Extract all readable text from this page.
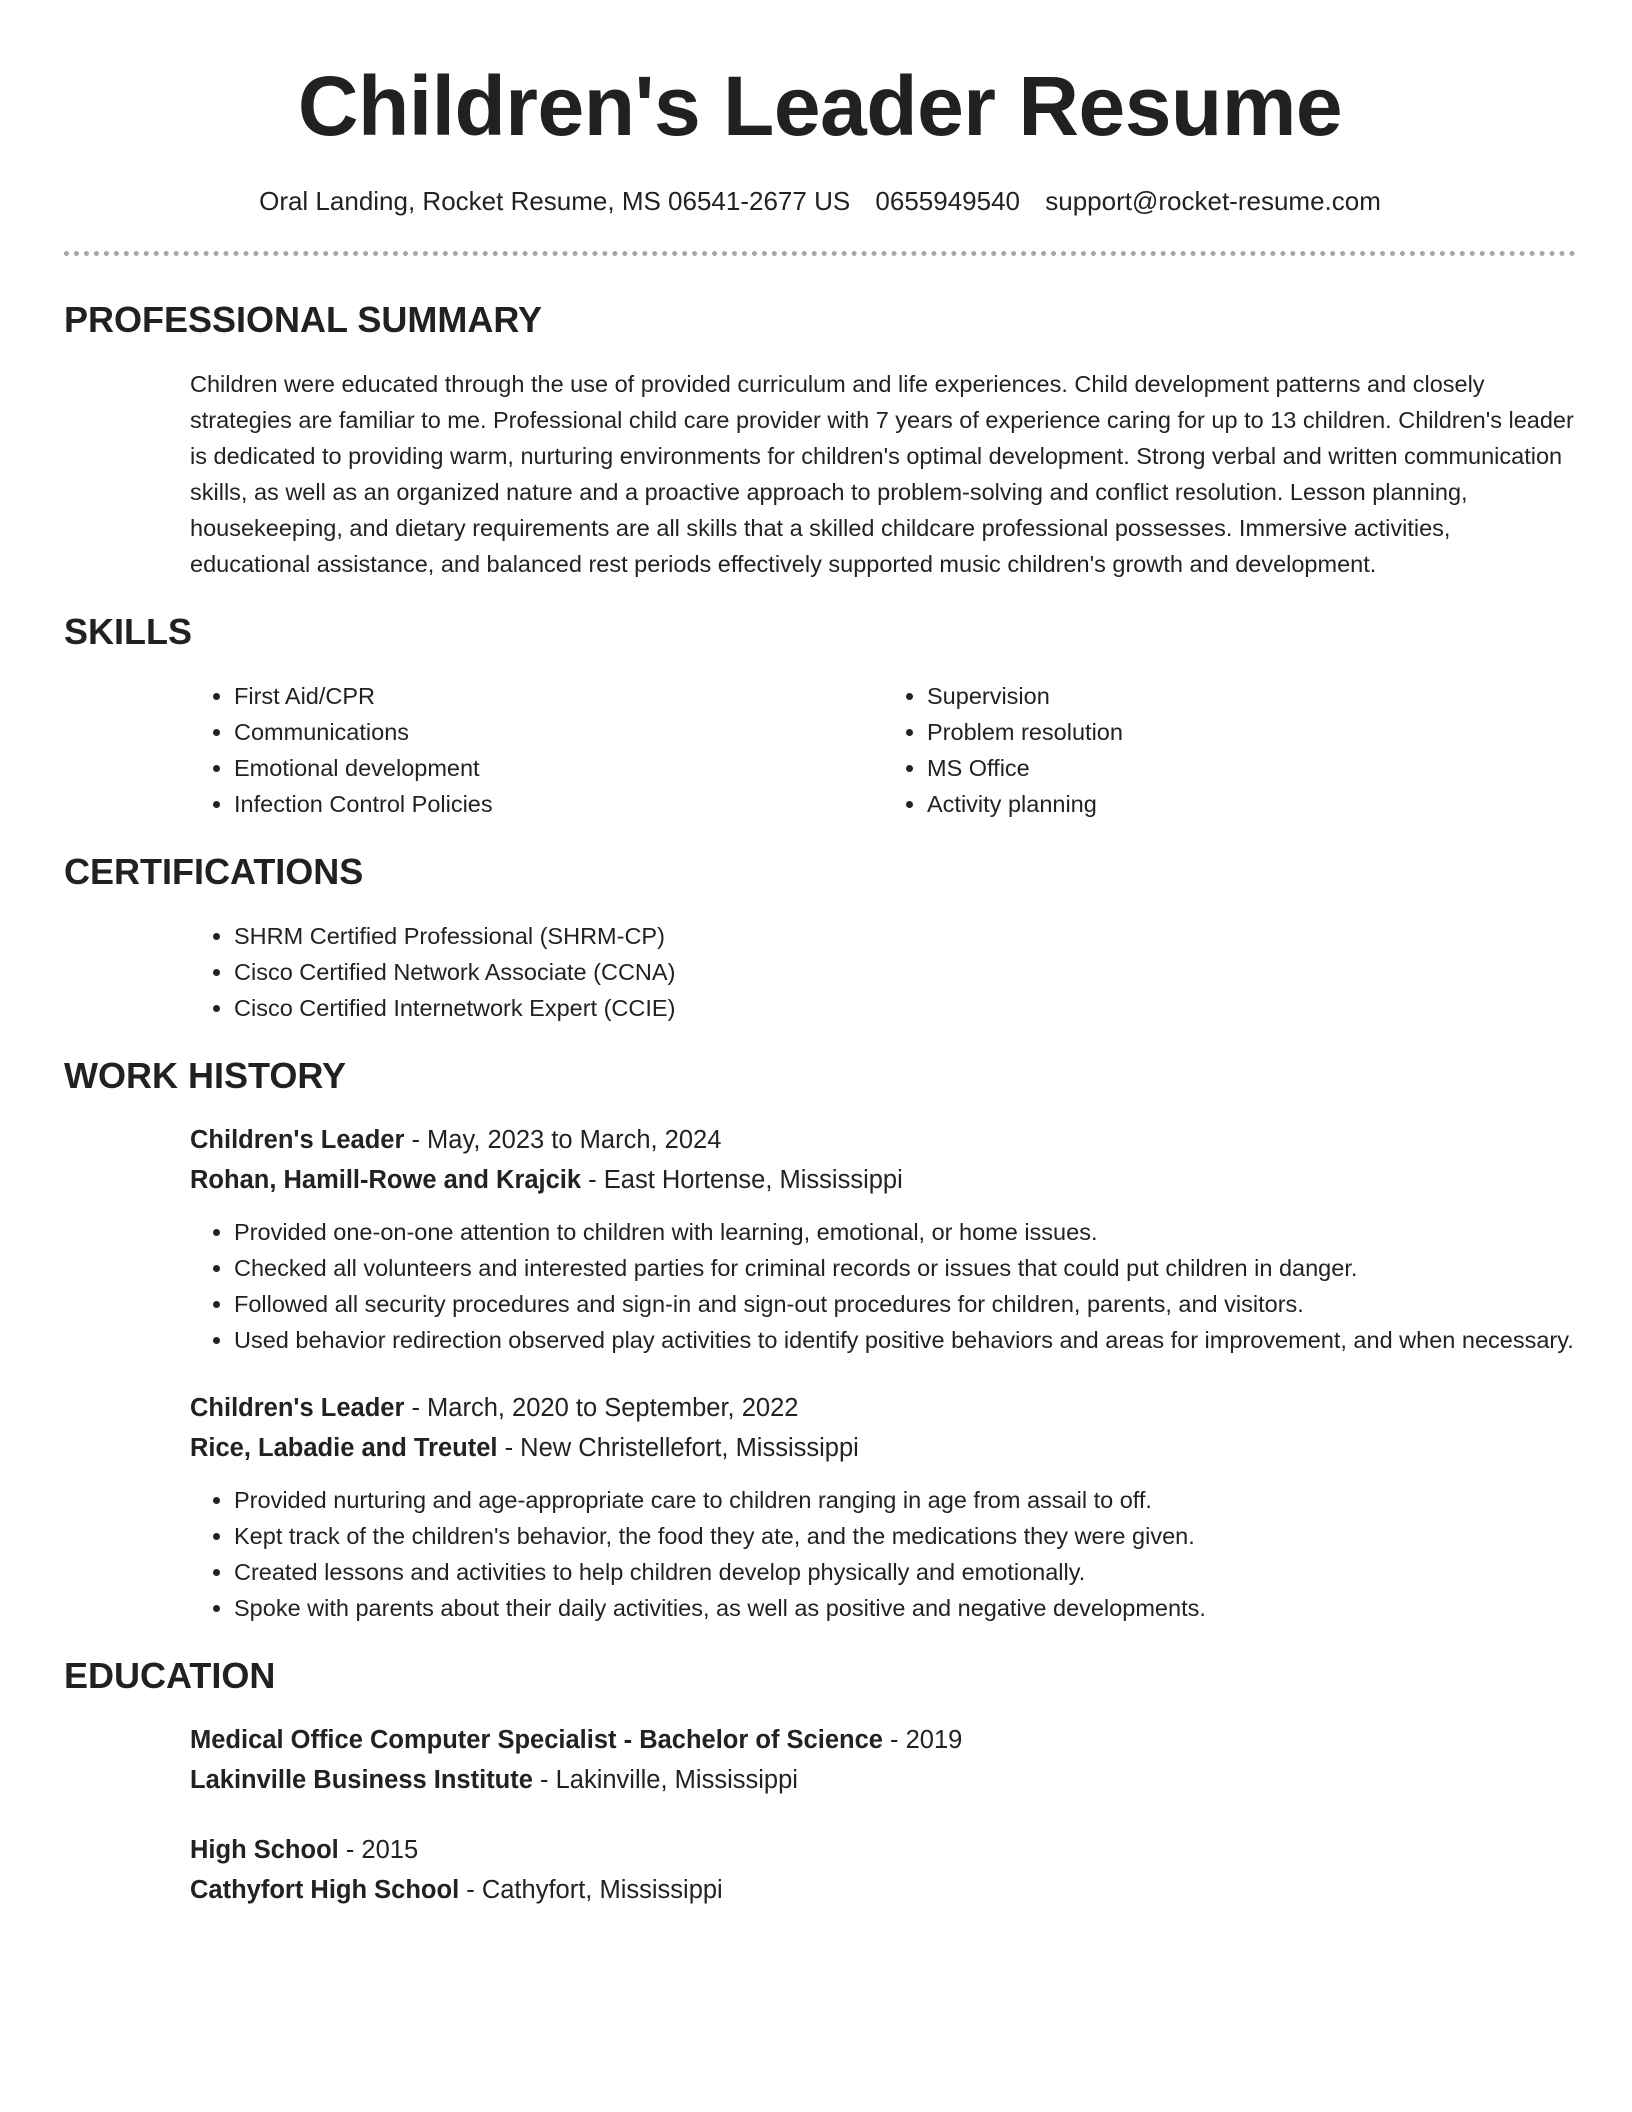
Children's Leader Resume
Oral Landing, Rocket Resume, MS 06541-2677 US 0655949540 support@rocket-resume.com
PROFESSIONAL SUMMARY

Children were educated through the use of provided curriculum and life experiences. Child development patterns and closely strategies are familiar to me. Professional child care provider with 7 years of experience caring for up to 13 children. Children's leader is dedicated to providing warm, nurturing environments for children's optimal development. Strong verbal and written communication skills, as well as an organized nature and a proactive approach to problem-solving and conflict resolution. Lesson planning, housekeeping, and dietary requirements are all skills that a skilled childcare professional possesses. Immersive activities, educational assistance, and balanced rest periods effectively supported music children's growth and development.

SKILLS
• First Aid/CPR
• Communications
• Emotional development
• Infection Control Policies
• Supervision
• Problem resolution
• MS Office
• Activity planning
CERTIFICATIONS
• SHRM Certified Professional (SHRM-CP)
• Cisco Certified Network Associate (CCNA)
• Cisco Certified Internetwork Expert (CCIE)
WORK HISTORY
Children's Leader - May, 2023 to March, 2024
Rohan, Hamill-Rowe and Krajcik - East Hortense, Mississippi
• Provided one-on-one attention to children with learning, emotional, or home issues.
• Checked all volunteers and interested parties for criminal records or issues that could put children in danger.
• Followed all security procedures and sign-in and sign-out procedures for children, parents, and visitors.
• Used behavior redirection observed play activities to identify positive behaviors and areas for improvement, and when necessary.
Children's Leader - March, 2020 to September, 2022
Rice, Labadie and Treutel - New Christellefort, Mississippi
• Provided nurturing and age-appropriate care to children ranging in age from assail to off.
• Kept track of the children's behavior, the food they ate, and the medications they were given.
• Created lessons and activities to help children develop physically and emotionally.
• Spoke with parents about their daily activities, as well as positive and negative developments.
EDUCATION
Medical Office Computer Specialist - Bachelor of Science - 2019
Lakinville Business Institute - Lakinville, Mississippi
High School - 2015
Cathyfort High School - Cathyfort, Mississippi
